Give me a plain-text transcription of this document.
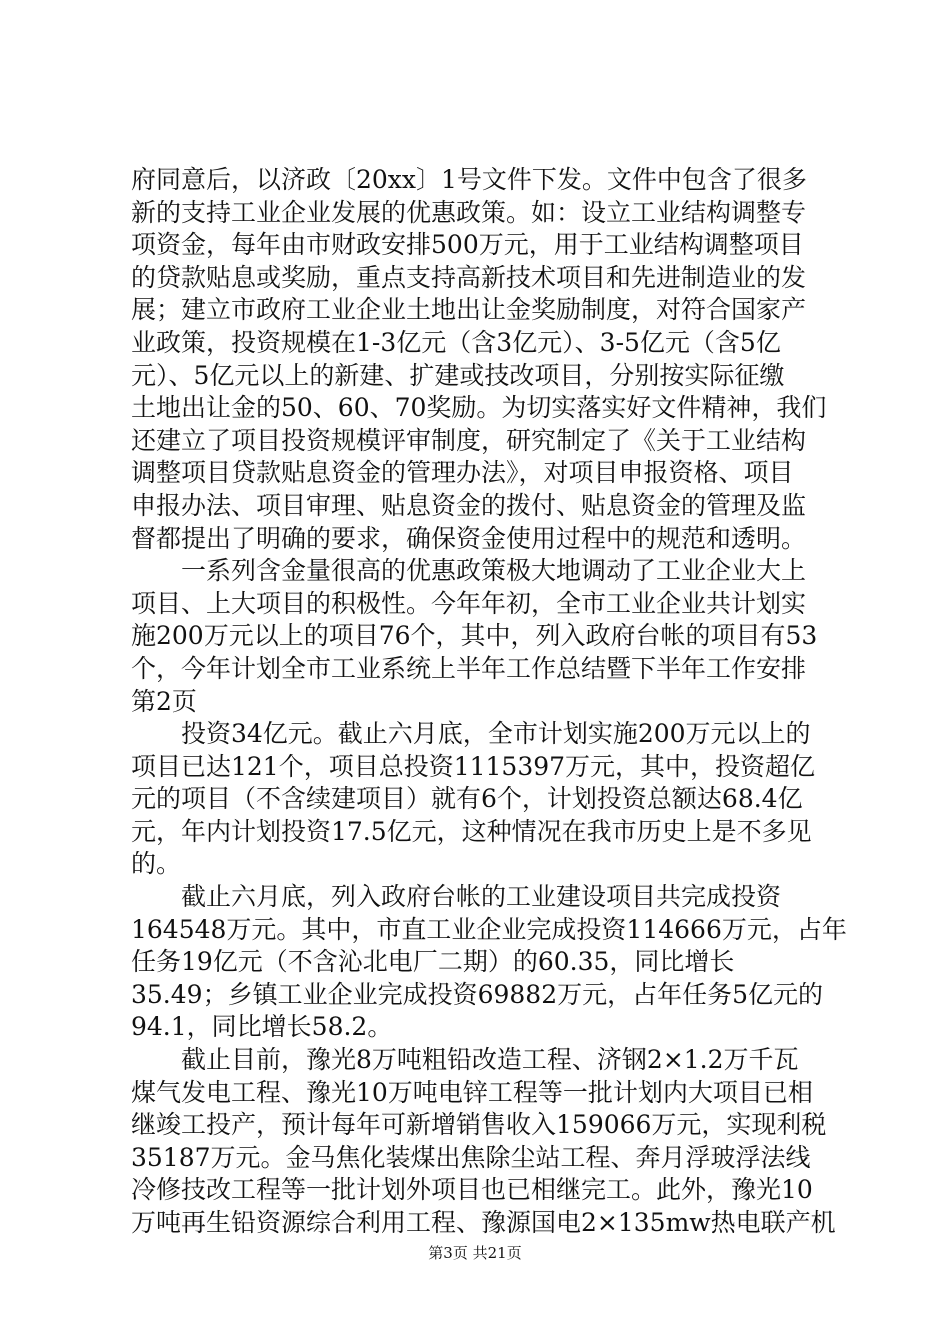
府同意后，以济政〔20xx〕1号文件下发。文件中包含了很多
新的支持工业企业发展的优惠政策。如：设立工业结构调整专
项资金，每年由市财政安排500万元，用于工业结构调整项目
的贷款贴息或奖励，重点支持高新技术项目和先进制造业的发
展；建立市政府工业企业土地出让金奖励制度，对符合国家产
业政策，投资规模在1-3亿元（含3亿元）、3-5亿元（含5亿
元）、5亿元以上的新建、扩建或技改项目，分别按实际征缴
土地出让金的50、60、70奖励。为切实落实好文件精神，我们
还建立了项目投资规模评审制度，研究制定了《关于工业结构
调整项目贷款贴息资金的管理办法》，对项目申报资格、项目
申报办法、项目审理、贴息资金的拨付、贴息资金的管理及监
督都提出了明确的要求，确保资金使用过程中的规范和透明。
一系列含金量很高的优惠政策极大地调动了工业企业大上
项目、上大项目的积极性。今年年初，全市工业企业共计划实
施200万元以上的项目76个，其中，列入政府台帐的项目有53
个，今年计划全市工业系统上半年工作总结暨下半年工作安排
第2页
投资34亿元。截止六月底，全市计划实施200万元以上的
项目已达121个，项目总投资1115397万元，其中，投资超亿
元的项目（不含续建项目）就有6个，计划投资总额达68.4亿
元，年内计划投资17.5亿元，这种情况在我市历史上是不多见
的。
截止六月底，列入政府台帐的工业建设项目共完成投资
164548万元。其中，市直工业企业完成投资114666万元，占年
任务19亿元（不含沁北电厂二期）的60.35，同比增长
35.49；乡镇工业企业完成投资69882万元，占年任务5亿元的
94.1，同比增长58.2。
截止目前，豫光8万吨粗铅改造工程、济钢2×1.2万千瓦
煤气发电工程、豫光10万吨电锌工程等一批计划内大项目已相
继竣工投产，预计每年可新增销售收入159066万元，实现利税
35187万元。金马焦化装煤出焦除尘站工程、奔月浮玻浮法线
冷修技改工程等一批计划外项目也已相继完工。此外，豫光10
万吨再生铅资源综合利用工程、豫源国电2×135mw热电联产机
第3页 共21页
